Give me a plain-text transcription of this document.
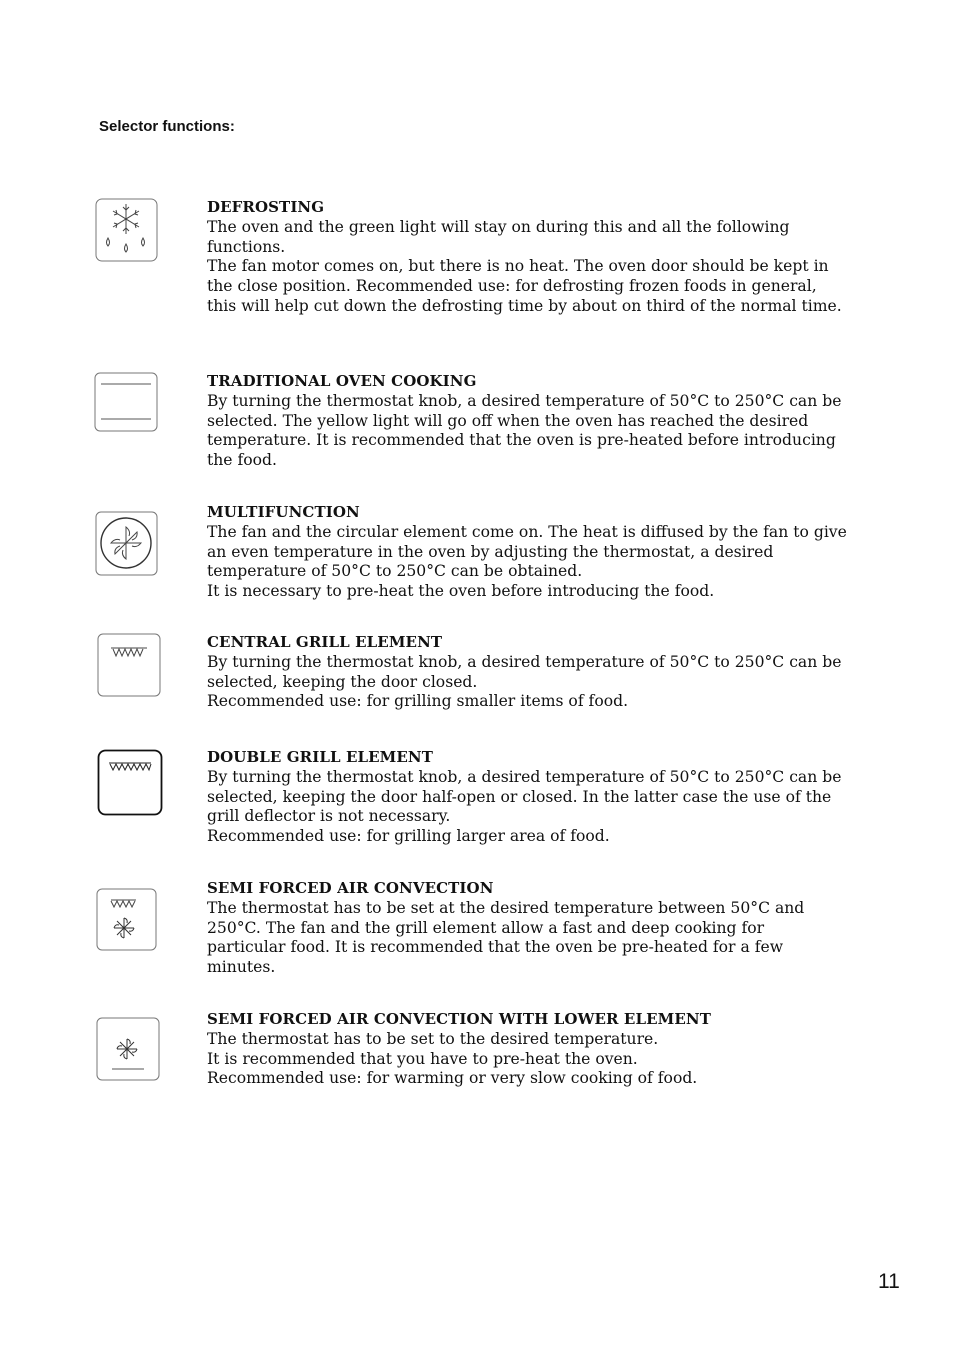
Selector functions:
DEFROSTING

The oven and the green light will stay on during this and all the following functions.

The fan motor comes on, but there is no heat. The oven door should be kept in the close position. Recommended use: for defrosting frozen foods in general, this will help cut down the defrosting time by about on third of the normal time.

TRADITIONAL OVEN COOKING

By turning the thermostat knob, a desired temperature of 50°C to 250°C can be selected. The yellow light will go off when the oven has reached the desired temperature. It is recommended that the oven is pre-heated before introducing the food.

MULTIFUNCTION

The fan and the circular element come on. The heat is diffused by the fan to give an even temperature in the oven by adjusting the thermostat, a desired temperature of 50°C to 250°C can be obtained.

It is necessary to pre-heat the oven before introducing the food.

CENTRAL GRILL ELEMENT

By turning the thermostat knob, a desired temperature of 50°C to 250°C can be selected, keeping the door closed.

Recommended use: for grilling smaller items of food.

DOUBLE GRILL ELEMENT

By turning the thermostat knob, a desired temperature of 50°C to 250°C can be selected, keeping the door half-open or closed. In the latter case the use of the grill deflector is not necessary.

Recommended use: for grilling larger area of food.

SEMI FORCED AIR CONVECTION

The thermostat has to be set at the desired temperature between 50°C and 250°C. The fan and the grill element allow a fast and deep cooking for particular food. It is recommended that the oven be pre-heated for a few minutes.

SEMI FORCED AIR CONVECTION WITH LOWER ELEMENT

The thermostat has to be set to the desired temperature.

It is recommended that you have to pre-heat the oven.

Recommended use: for warming or very slow cooking of food.

11
